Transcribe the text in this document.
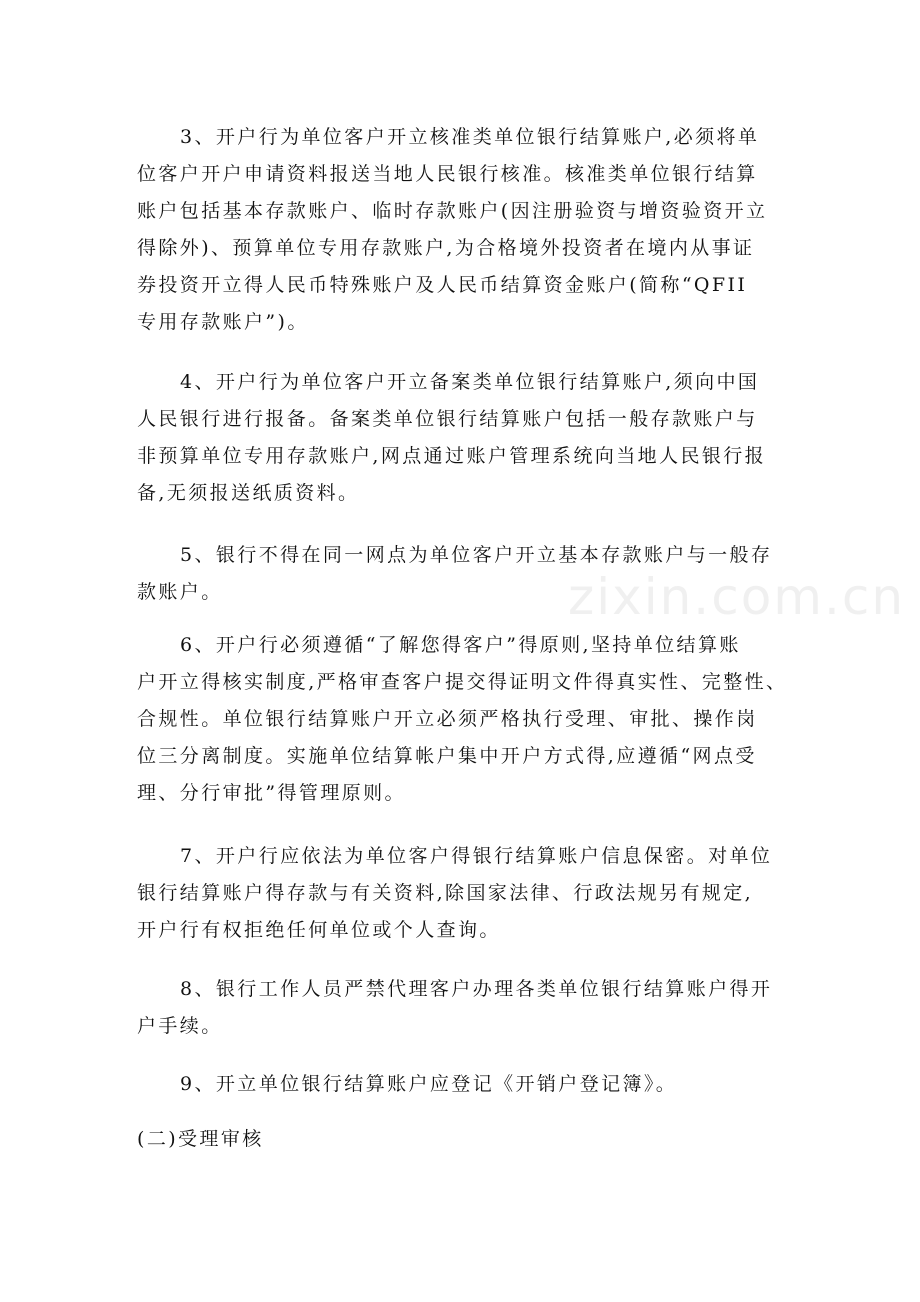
3、开户行为单位客户开立核准类单位银行结算账户,必须将单
位客户开户申请资料报送当地人民银行核准。核准类单位银行结算
账户包括基本存款账户、临时存款账户(因注册验资与增资验资开立
得除外)、预算单位专用存款账户,为合格境外投资者在境内从事证
券投资开立得人民币特殊账户及人民币结算资金账户(简称“QFII
专用存款账户”)。
4、开户行为单位客户开立备案类单位银行结算账户,须向中国
人民银行进行报备。备案类单位银行结算账户包括一般存款账户与
非预算单位专用存款账户,网点通过账户管理系统向当地人民银行报
备,无须报送纸质资料。
5、银行不得在同一网点为单位客户开立基本存款账户与一般存
款账户。
6、开户行必须遵循“了解您得客户”得原则,坚持单位结算账
户开立得核实制度,严格审查客户提交得证明文件得真实性、完整性、
合规性。单位银行结算账户开立必须严格执行受理、审批、操作岗
位三分离制度。实施单位结算帐户集中开户方式得,应遵循“网点受
理、分行审批”得管理原则。
7、开户行应依法为单位客户得银行结算账户信息保密。对单位
银行结算账户得存款与有关资料,除国家法律、行政法规另有规定,
开户行有权拒绝任何单位或个人查询。
8、银行工作人员严禁代理客户办理各类单位银行结算账户得开
户手续。
9、开立单位银行结算账户应登记《开销户登记簿》。
(二)受理审核
zixin.com.cn
